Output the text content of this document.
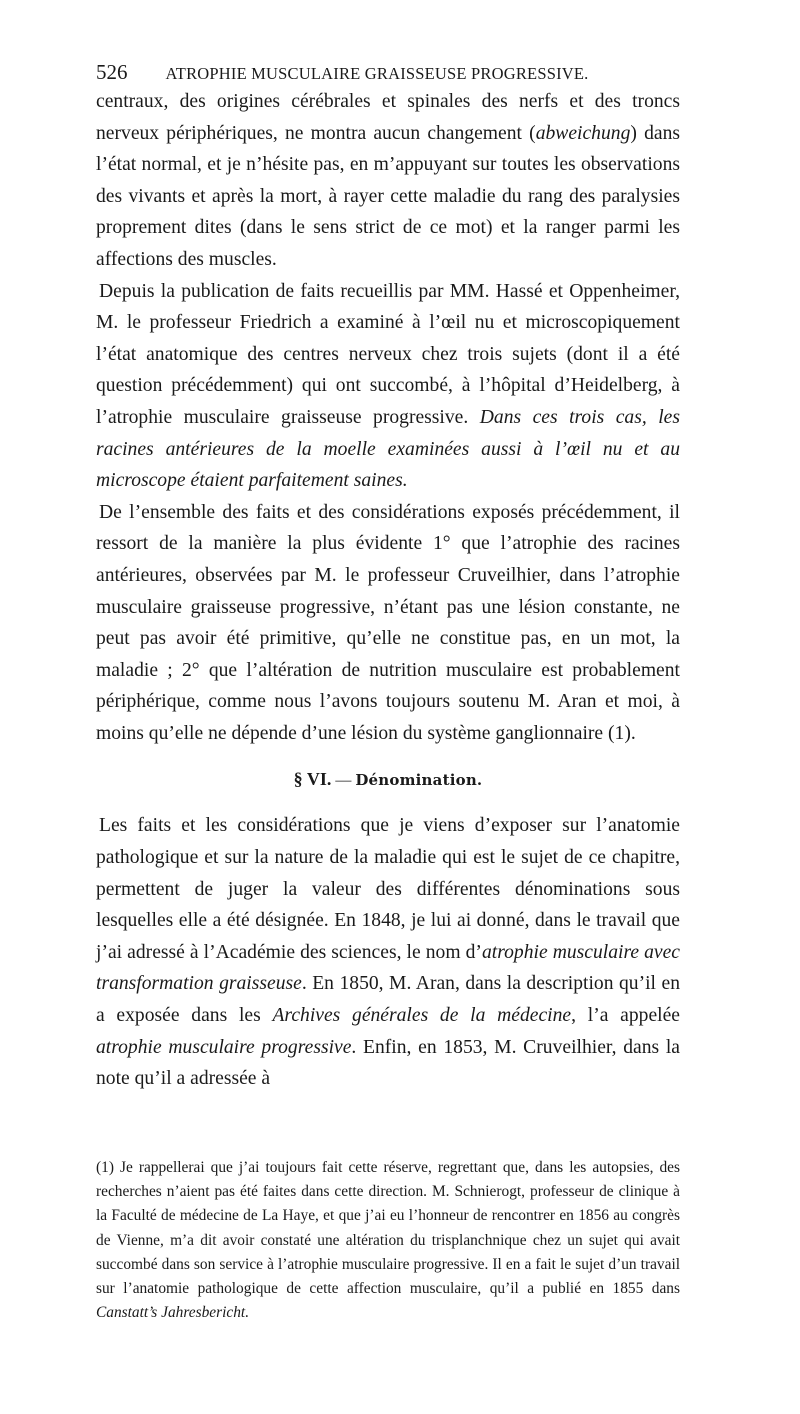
526 ATROPHIE MUSCULAIRE GRAISSEUSE PROGRESSIVE.

centraux, des origines cérébrales et spinales des nerfs et des troncs nerveux périphériques, ne montra aucun changement (abweichung) dans l’état normal, et je n’hésite pas, en m’appuyant sur toutes les observations des vivants et après la mort, à rayer cette maladie du rang des paralysies proprement dites (dans le sens strict de ce mot) et la ranger parmi les affections des muscles.

Depuis la publication de faits recueillis par MM. Hassé et Oppenheimer, M. le professeur Friedrich a examiné à l’œil nu et microscopiquement l’état anatomique des centres nerveux chez trois sujets (dont il a été question précédemment) qui ont succombé, à l’hôpital d’Heidelberg, à l’atrophie musculaire graisseuse progressive. Dans ces trois cas, les racines antérieures de la moelle examinées aussi à l’œil nu et au microscope étaient parfaitement saines.

De l’ensemble des faits et des considérations exposés précédemment, il ressort de la manière la plus évidente 1° que l’atrophie des racines antérieures, observées par M. le professeur Cruveilhier, dans l’atrophie musculaire graisseuse progressive, n’étant pas une lésion constante, ne peut pas avoir été primitive, qu’elle ne constitue pas, en un mot, la maladie ; 2° que l’altération de nutrition musculaire est probablement périphérique, comme nous l’avons toujours soutenu M. Aran et moi, à moins qu’elle ne dépende d’une lésion du système ganglionnaire (1).

§ VI. — Dénomination.

Les faits et les considérations que je viens d’exposer sur l’anatomie pathologique et sur la nature de la maladie qui est le sujet de ce chapitre, permettent de juger la valeur des différentes dénominations sous lesquelles elle a été désignée. En 1848, je lui ai donné, dans le travail que j’ai adressé à l’Académie des sciences, le nom d’atrophie musculaire avec transformation graisseuse. En 1850, M. Aran, dans la description qu’il en a exposée dans les Archives générales de la médecine, l’a appelée atrophie musculaire progressive. Enfin, en 1853, M. Cruveilhier, dans la note qu’il a adressée à

(1) Je rappellerai que j’ai toujours fait cette réserve, regrettant que, dans les autopsies, des recherches n’aient pas été faites dans cette direction. M. Schnierogt, professeur de clinique à la Faculté de médecine de La Haye, et que j’ai eu l’honneur de rencontrer en 1856 au congrès de Vienne, m’a dit avoir constaté une altération du trisplanchnique chez un sujet qui avait succombé dans son service à l’atrophie musculaire progressive. Il en a fait le sujet d’un travail sur l’anatomie pathologique de cette affection musculaire, qu’il a publié en 1855 dans Canstatt’s Jahresbericht.
